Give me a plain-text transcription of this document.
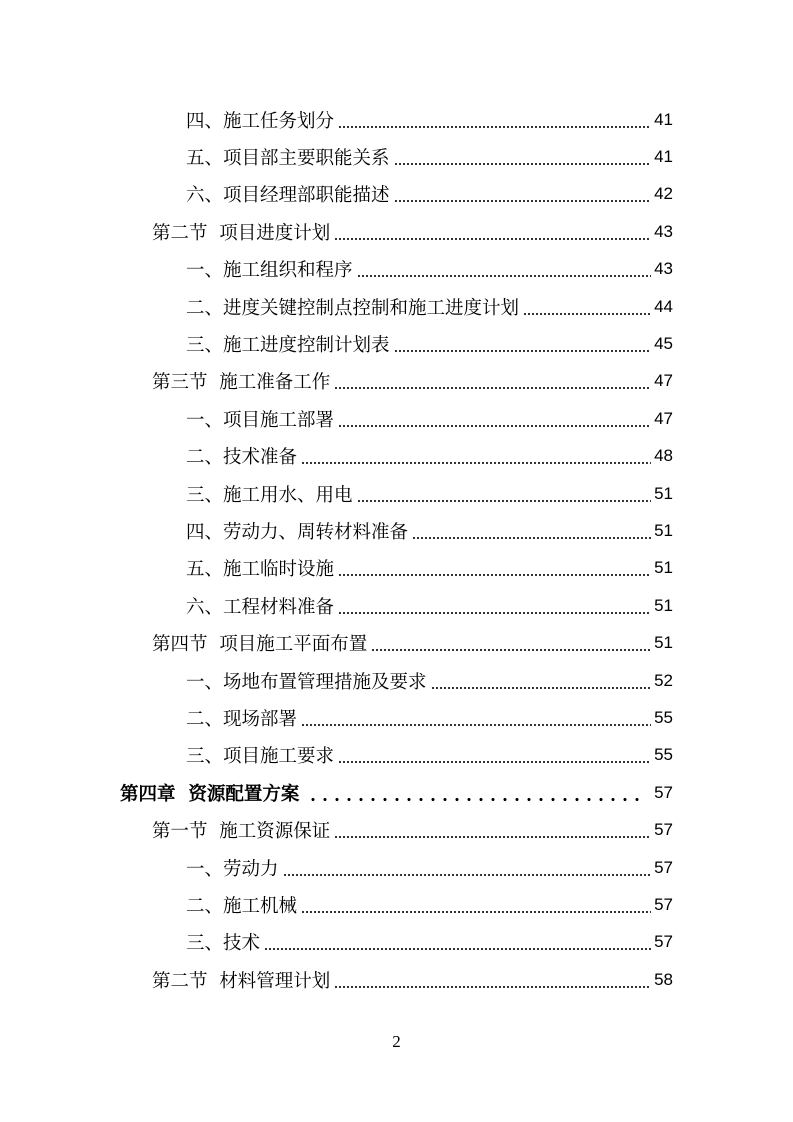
四、施工任务划分	41
五、项目部主要职能关系	41
六、项目经理部职能描述	42
第二节  项目进度计划	43
一、施工组织和程序	43
二、进度关键控制点控制和施工进度计划	44
三、施工进度控制计划表	45
第三节  施工准备工作	47
一、项目施工部署	47
二、技术准备	48
三、施工用水、用电	51
四、劳动力、周转材料准备	51
五、施工临时设施	51
六、工程材料准备	51
第四节  项目施工平面布置	51
一、场地布置管理措施及要求	52
二、现场部署	55
三、项目施工要求	55
第四章  资源配置方案	57
第一节  施工资源保证	57
一、劳动力	57
二、施工机械	57
三、技术	57
第二节  材料管理计划	58
2
